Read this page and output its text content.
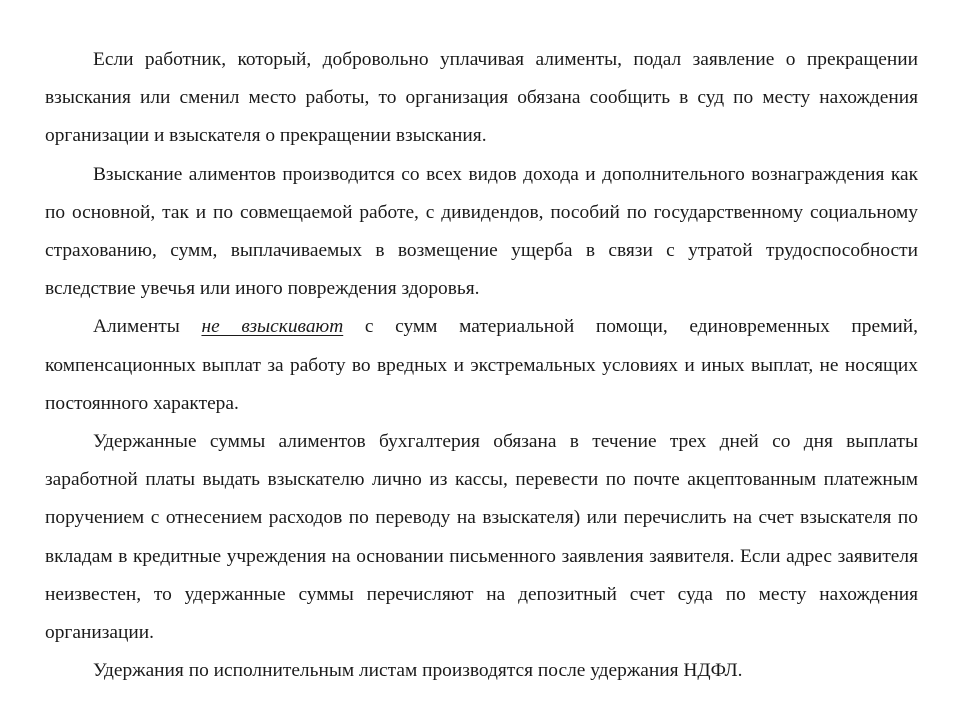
Если работник, который, добровольно уплачивая алименты, подал заявление о прекращении взыскания или сменил место работы, то организация обязана сообщить в суд по месту нахождения организации и взыскателя о прекращении взыскания.

Взыскание алиментов производится со всех видов дохода и дополнительного вознаграждения как по основной, так и по совмещаемой работе, с дивидендов, пособий по государственному социальному страхованию, сумм, выплачиваемых в возмещение ущерба в связи с утратой трудоспособности вследствие увечья или иного повреждения здоровья.

Алименты не взыскивают с сумм материальной помощи, единовременных премий, компенсационных выплат за работу во вредных и экстремальных условиях и иных выплат, не носящих постоянного характера.

Удержанные суммы алиментов бухгалтерия обязана в течение трех дней со дня выплаты заработной платы выдать взыскателю лично из кассы, перевести по почте акцептованным платежным поручением с отнесением расходов по переводу на взыскателя) или перечислить на счет взыскателя по вкладам в кредитные учреждения на основании письменного заявления заявителя. Если адрес заявителя неизвестен, то удержанные суммы перечисляют на депозитный счет суда по месту нахождения организации.

Удержания по исполнительным листам производятся после удержания НДФЛ.
